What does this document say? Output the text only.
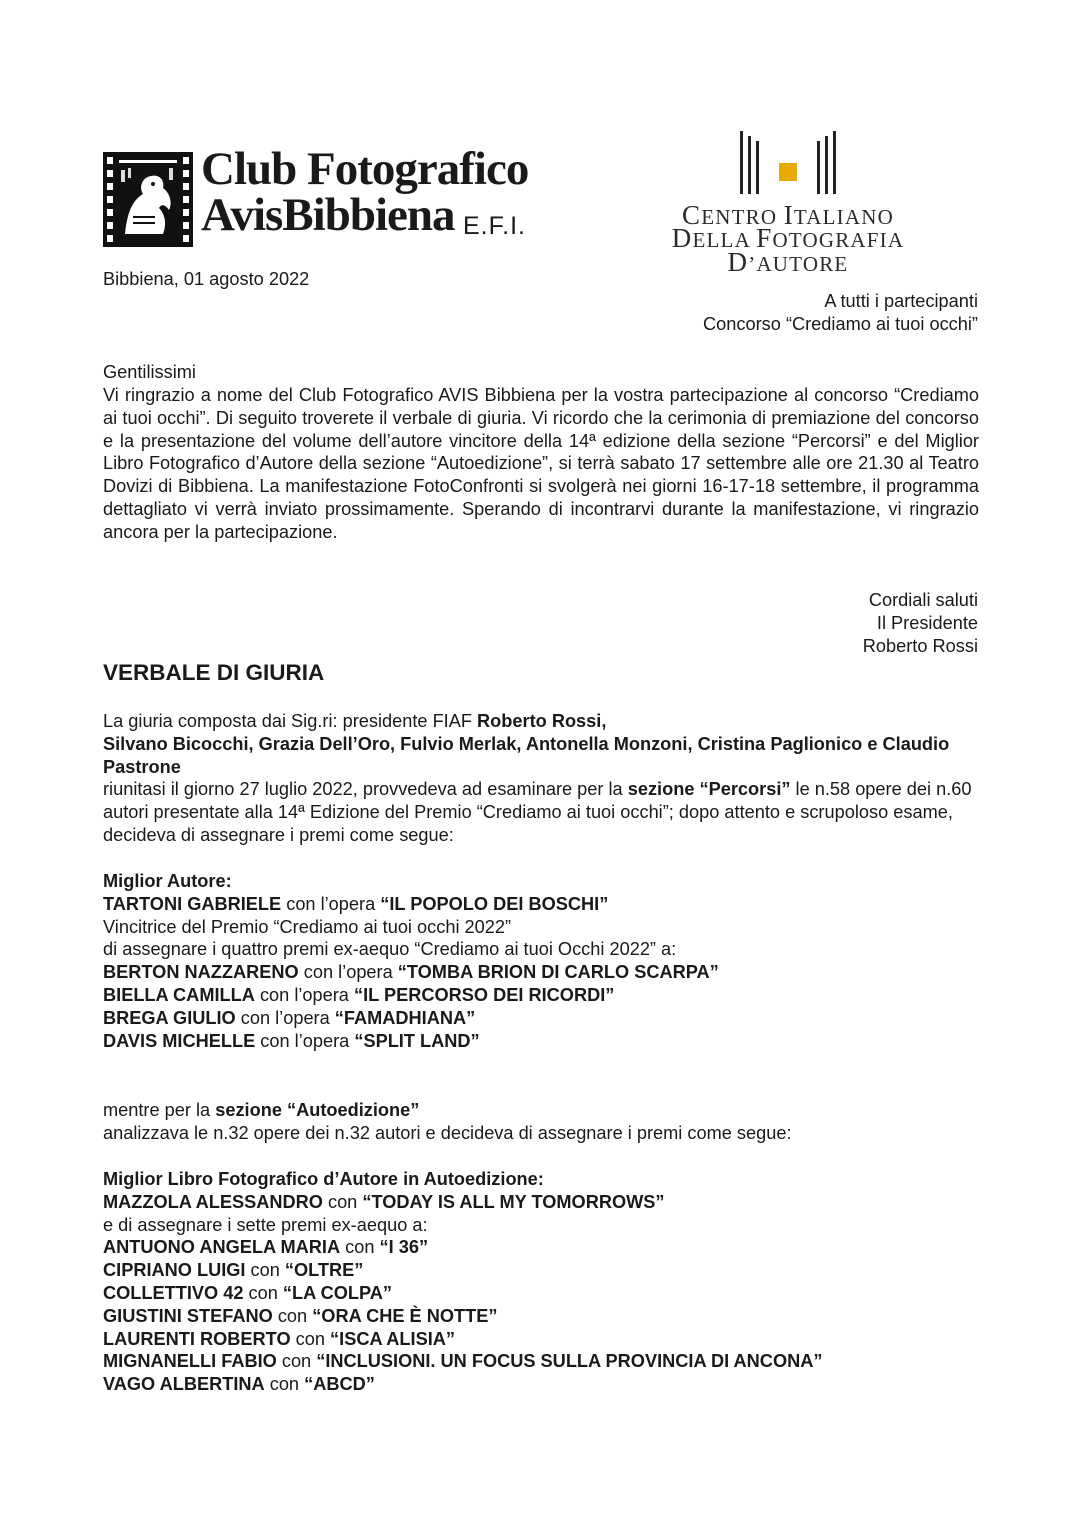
Club Fotografico
AvisBibbiena E.F.I.	CENTRO ITALIANO
DELLA FOTOGRAFIA D’AUTORE
Bibbiena, 01 agosto 2022
A tutti i partecipanti
Concorso “Crediamo ai tuoi occhi”
Gentilissimi
Vi ringrazio a nome del Club Fotografico AVIS Bibbiena per la vostra partecipazione al concorso “Crediamo ai tuoi occhi”. Di seguito troverete il verbale di giuria. Vi ricordo che la cerimonia di premiazione del concorso e la presentazione del volume dell’autore vincitore della 14ª edizione della sezione “Percorsi” e del Miglior Libro Fotografico d’Autore della sezione “Autoedizione”, si terrà sabato 17 settembre alle ore 21.30 al Teatro Dovizi di Bibbiena. La manifestazione FotoConfronti si svolgerà nei giorni 16-17-18 settembre, il programma dettagliato vi verrà inviato prossimamente. Sperando di incontrarvi durante la manifestazione, vi ringrazio ancora per la partecipazione.
Cordiali saluti
Il Presidente
Roberto Rossi
VERBALE DI GIURIA
La giuria composta dai Sig.ri: presidente FIAF Roberto Rossi,
Silvano Bicocchi, Grazia Dell’Oro, Fulvio Merlak, Antonella Monzoni, Cristina Paglionico e Claudio Pastrone
riunitasi il giorno 27 luglio 2022, provvedeva ad esaminare per la sezione “Percorsi” le n.58 opere dei n.60 autori presentate alla 14ª Edizione del Premio “Crediamo ai tuoi occhi”; dopo attento e scrupoloso esame, decideva di assegnare i premi come segue:
Miglior Autore:
TARTONI GABRIELE con l’opera “IL POPOLO DEI BOSCHI”
Vincitrice del Premio “Crediamo ai tuoi occhi 2022”
di assegnare i quattro premi ex-aequo “Crediamo ai tuoi Occhi 2022” a:

BERTON NAZZARENO con l’opera “TOMBA BRION DI CARLO SCARPA”
BIELLA CAMILLA con l’opera “IL PERCORSO DEI RICORDI”
BREGA GIULIO con l’opera “FAMADHIANA”
DAVIS MICHELLE con l’opera “SPLIT LAND”
mentre per la sezione “Autoedizione”
analizzava le n.32 opere dei n.32 autori e decideva di assegnare i premi come segue:
Miglior Libro Fotografico d’Autore in Autoedizione:
MAZZOLA ALESSANDRO con “TODAY IS ALL MY TOMORROWS”
e di assegnare i sette premi ex-aequo a:

ANTUONO ANGELA MARIA con “I 36”
CIPRIANO LUIGI con “OLTRE”
COLLETTIVO 42 con “LA COLPA”
GIUSTINI STEFANO con “ORA CHE È NOTTE”
LAURENTI ROBERTO con “ISCA ALISIA”
MIGNANELLI FABIO con “INCLUSIONI. UN FOCUS SULLA PROVINCIA DI ANCONA”
VAGO ALBERTINA con “ABCD”
